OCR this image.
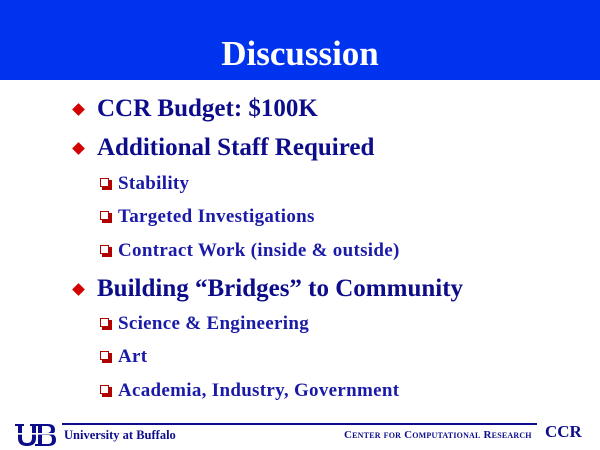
Discussion
CCR Budget: $100K
Additional Staff Required
Stability
Targeted Investigations
Contract Work (inside & outside)
Building “Bridges” to Community
Science & Engineering
Art
Academia, Industry, Government
University at Buffalo	Center for Computational Research CCR
